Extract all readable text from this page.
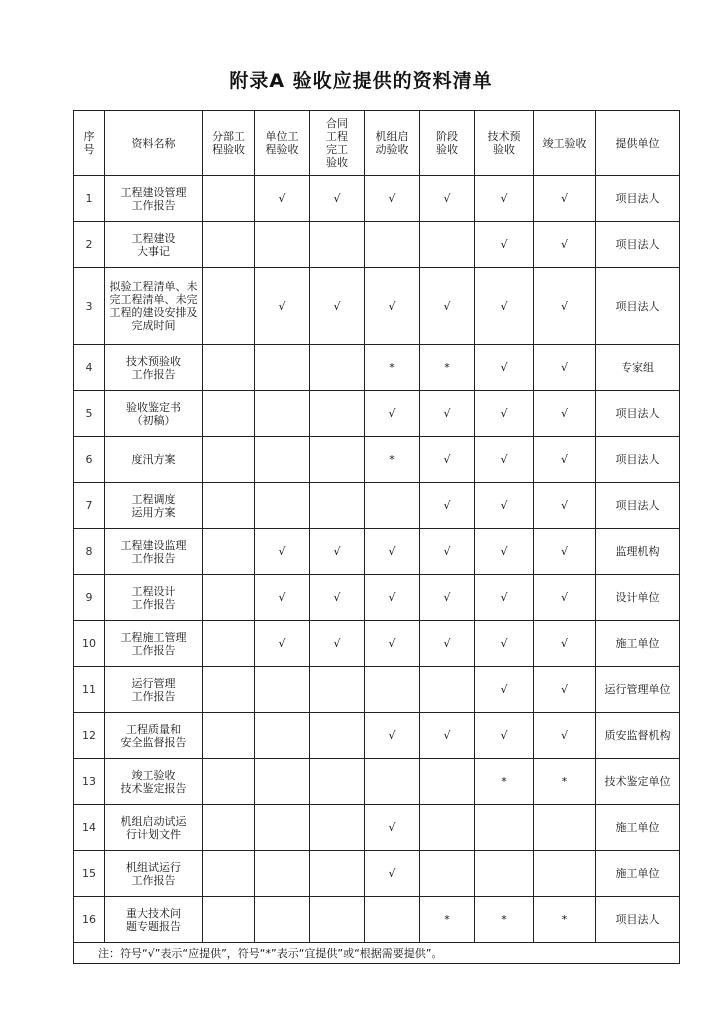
附录A 验收应提供的资料清单
序
号	资料名称	分部工
程验收	单位工
程验收	合同
工程
完工
验收	机组启
动验收	阶段
验收	技术预
验收	竣工验收	提供单位
1	工程建设管理
工作报告		√	√	√	√	√	√	项目法人
2	工程建设
大事记						√	√	项目法人
3	拟验工程清单、未
完工程清单、未完
工程的建设安排及
完成时间		√	√	√	√	√	√	项目法人
4	技术预验收
工作报告				*	*	√	√	专家组
5	验收鉴定书
（初稿）				√	√	√	√	项目法人
6	度汛方案				*	√	√	√	项目法人
7	工程调度
运用方案					√	√	√	项目法人
8	工程建设监理
工作报告		√	√	√	√	√	√	监理机构
9	工程设计
工作报告		√	√	√	√	√	√	设计单位
10	工程施工管理
工作报告		√	√	√	√	√	√	施工单位
11	运行管理
工作报告						√	√	运行管理单位
12	工程质量和
安全监督报告				√	√	√	√	质安监督机构
13	竣工验收
技术鉴定报告						*	*	技术鉴定单位
14	机组启动试运
行计划文件				√				施工单位
15	机组试运行
工作报告				√				施工单位
16	重大技术问
题专题报告					*	*	*	项目法人
注：符号“√”表示“应提供”，符号“*”表示“宜提供”或“根据需要提供”。									
